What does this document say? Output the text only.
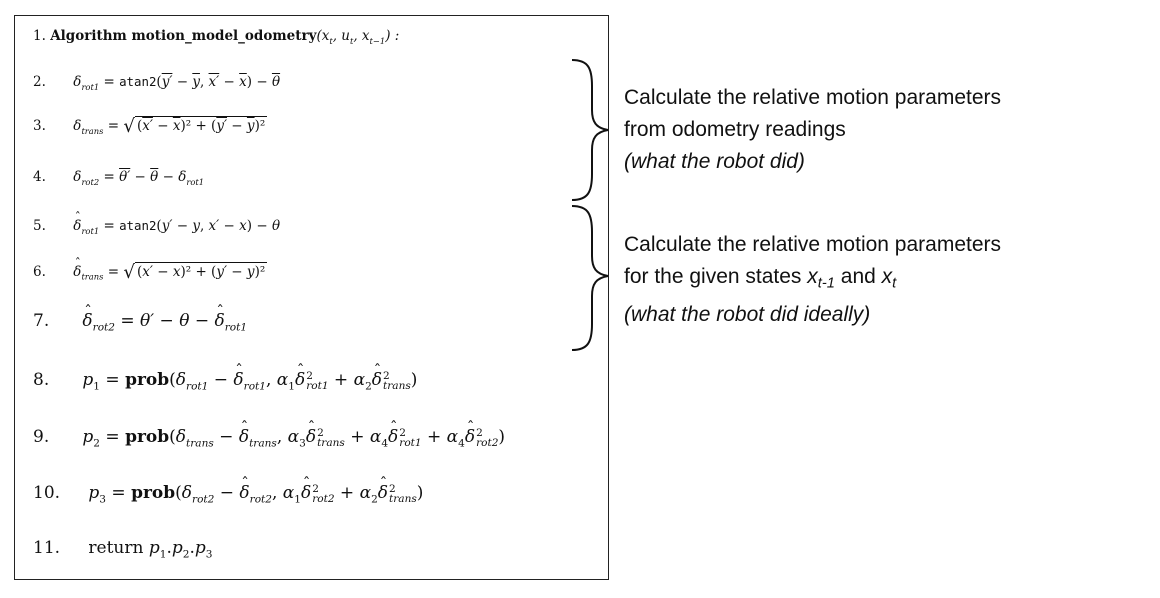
1. Algorithm $motion\_model\_odometry(x_t$, $u_t$, $x_{t-1}$) :
2. $\delta_{rot1} = atan2(y' - \overline{y}$, $x' - \overline{x}) - \overline{\theta}$
3. $\delta_{trans}$ = √ $(x' - \overline{x})^2 + (y' - \overline{y})^2$
4. $\delta_{rot2} = \theta' - \overline{\theta} - \delta_{rot1}$
5. ˆ $\delta_{rot1} = atan2(y' - y$, x′ − x) − θ
6. ˆ $\delta_{trans}$ = √ (x′ − x)² + (y′ − y)²
7. ˆ $\delta_{rot2} = \theta' - \theta$ − ˆ $\delta_{rot1}$
8. $p_1$ = $prob(\delta_{rot1}$ − ˆ $\delta_{rot1}$, $\alpha_1ˆ$ δ 2
$rot1 + \alpha_2ˆ$ δ 2
trans )
9. $p_2$ = $prob(\delta_{trans}$ − ˆ $\delta_{trans}$, $\alpha_3ˆ$ δ 2
trans + $\alpha_4ˆ$ δ 2
$rot1 + \alpha_4ˆ$ δ 2
rot2 )
10. $p_3$ = $prob(\delta_{rot2}$ − ˆ $\delta_{rot2}$, $\alpha_1ˆ$ δ 2
$rot2 + \alpha_2ˆ$ δ 2
trans )
11. return $p_1.p_2.p_3$
Calculate the relative motion parameters
from odometry readings
(what the robot did)
Calculate the relative motion parameters
for the given states $x_{t-1}$ and $x_t$
(what the robot did ideally)
